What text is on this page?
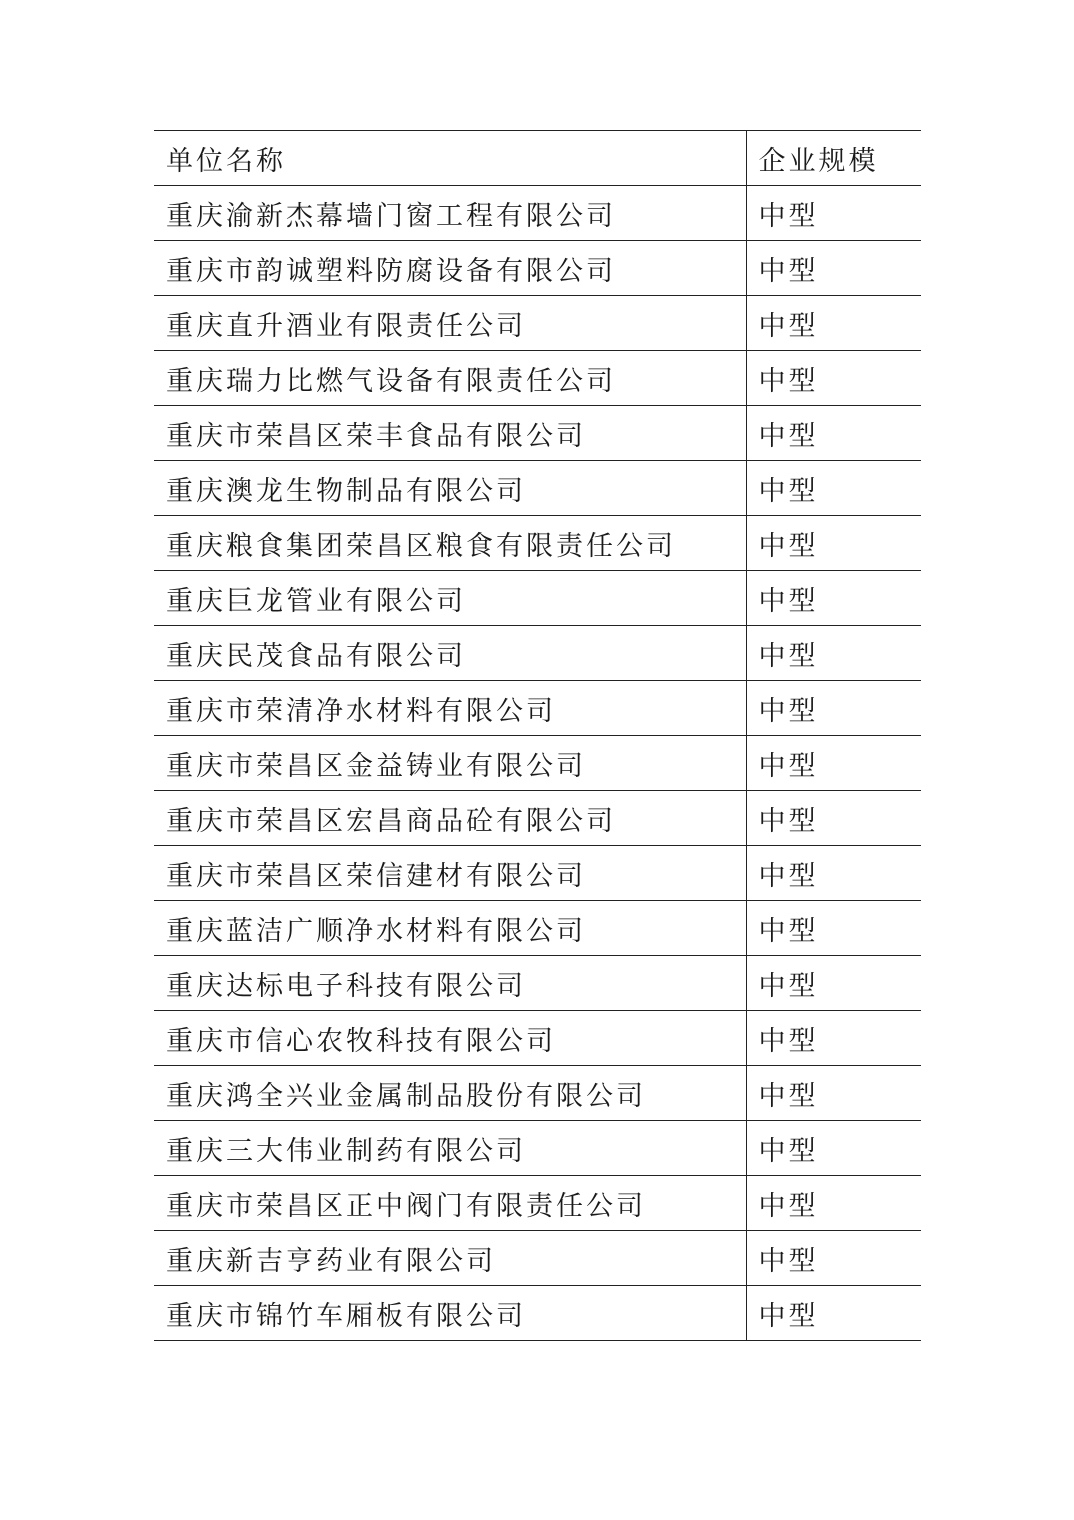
单位名称	企业规模
重庆渝新杰幕墙门窗工程有限公司	中型
重庆市韵诚塑料防腐设备有限公司	中型
重庆直升酒业有限责任公司	中型
重庆瑞力比燃气设备有限责任公司	中型
重庆市荣昌区荣丰食品有限公司	中型
重庆澳龙生物制品有限公司	中型
重庆粮食集团荣昌区粮食有限责任公司	中型
重庆巨龙管业有限公司	中型
重庆民茂食品有限公司	中型
重庆市荣清净水材料有限公司	中型
重庆市荣昌区金益铸业有限公司	中型
重庆市荣昌区宏昌商品砼有限公司	中型
重庆市荣昌区荣信建材有限公司	中型
重庆蓝洁广顺净水材料有限公司	中型
重庆达标电子科技有限公司	中型
重庆市信心农牧科技有限公司	中型
重庆鸿全兴业金属制品股份有限公司	中型
重庆三大伟业制药有限公司	中型
重庆市荣昌区正中阀门有限责任公司	中型
重庆新吉亨药业有限公司	中型
重庆市锦竹车厢板有限公司	中型
